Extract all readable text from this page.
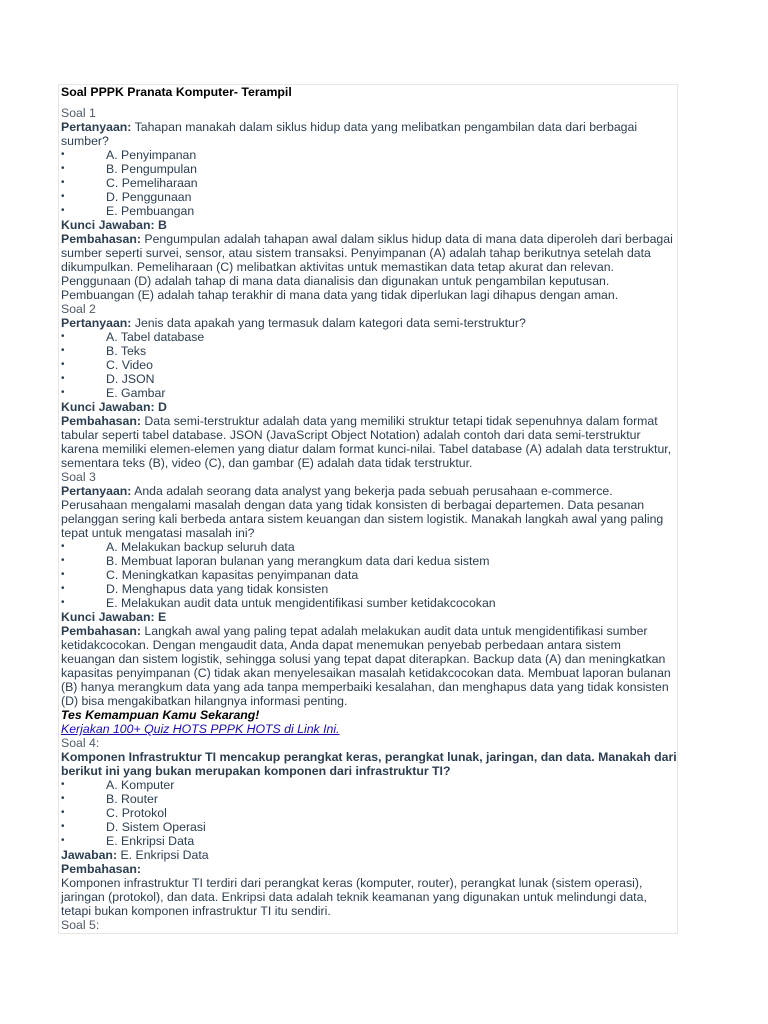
Soal PPPK Pranata Komputer- Terampil
Soal 1

Pertanyaan: Tahapan manakah dalam siklus hidup data yang melibatkan pengambilan data dari berbagai sumber?

• A. Penyimpanan
• B. Pengumpulan
• C. Pemeliharaan
• D. Penggunaan
• E. Pembuangan
Kunci Jawaban: B

Pembahasan: Pengumpulan adalah tahapan awal dalam siklus hidup data di mana data diperoleh dari berbagai sumber seperti survei, sensor, atau sistem transaksi. Penyimpanan (A) adalah tahap berikutnya setelah data dikumpulkan. Pemeliharaan (C) melibatkan aktivitas untuk memastikan data tetap akurat dan relevan. Penggunaan (D) adalah tahap di mana data dianalisis dan digunakan untuk pengambilan keputusan. Pembuangan (E) adalah tahap terakhir di mana data yang tidak diperlukan lagi dihapus dengan aman.

Soal 2

Pertanyaan: Jenis data apakah yang termasuk dalam kategori data semi-terstruktur?

• A. Tabel database
• B. Teks
• C. Video
• D. JSON
• E. Gambar
Kunci Jawaban: D

Pembahasan: Data semi-terstruktur adalah data yang memiliki struktur tetapi tidak sepenuhnya dalam format tabular seperti tabel database. JSON (JavaScript Object Notation) adalah contoh dari data semi-terstruktur karena memiliki elemen-elemen yang diatur dalam format kunci-nilai. Tabel database (A) adalah data terstruktur, sementara teks (B), video (C), dan gambar (E) adalah data tidak terstruktur.

Soal 3

Pertanyaan: Anda adalah seorang data analyst yang bekerja pada sebuah perusahaan e-commerce. Perusahaan mengalami masalah dengan data yang tidak konsisten di berbagai departemen. Data pesanan pelanggan sering kali berbeda antara sistem keuangan dan sistem logistik. Manakah langkah awal yang paling tepat untuk mengatasi masalah ini?

• A. Melakukan backup seluruh data
• B. Membuat laporan bulanan yang merangkum data dari kedua sistem
• C. Meningkatkan kapasitas penyimpanan data
• D. Menghapus data yang tidak konsisten
• E. Melakukan audit data untuk mengidentifikasi sumber ketidakcocokan
Kunci Jawaban: E

Pembahasan: Langkah awal yang paling tepat adalah melakukan audit data untuk mengidentifikasi sumber ketidakcocokan. Dengan mengaudit data, Anda dapat menemukan penyebab perbedaan antara sistem keuangan dan sistem logistik, sehingga solusi yang tepat dapat diterapkan. Backup data (A) dan meningkatkan kapasitas penyimpanan (C) tidak akan menyelesaikan masalah ketidakcocokan data. Membuat laporan bulanan (B) hanya merangkum data yang ada tanpa memperbaiki kesalahan, dan menghapus data yang tidak konsisten (D) bisa mengakibatkan hilangnya informasi penting.

Tes Kemampuan Kamu Sekarang!
Kerjakan 100+ Quiz HOTS PPPK HOTS di Link Ini.
Soal 4:

Komponen Infrastruktur TI mencakup perangkat keras, perangkat lunak, jaringan, dan data. Manakah dari berikut ini yang bukan merupakan komponen dari infrastruktur TI?

• A. Komputer
• B. Router
• C. Protokol
• D. Sistem Operasi
• E. Enkripsi Data

Jawaban: E. Enkripsi Data

Pembahasan:

Komponen infrastruktur TI terdiri dari perangkat keras (komputer, router), perangkat lunak (sistem operasi), jaringan (protokol), dan data. Enkripsi data adalah teknik keamanan yang digunakan untuk melindungi data, tetapi bukan komponen infrastruktur TI itu sendiri.

Soal 5:
